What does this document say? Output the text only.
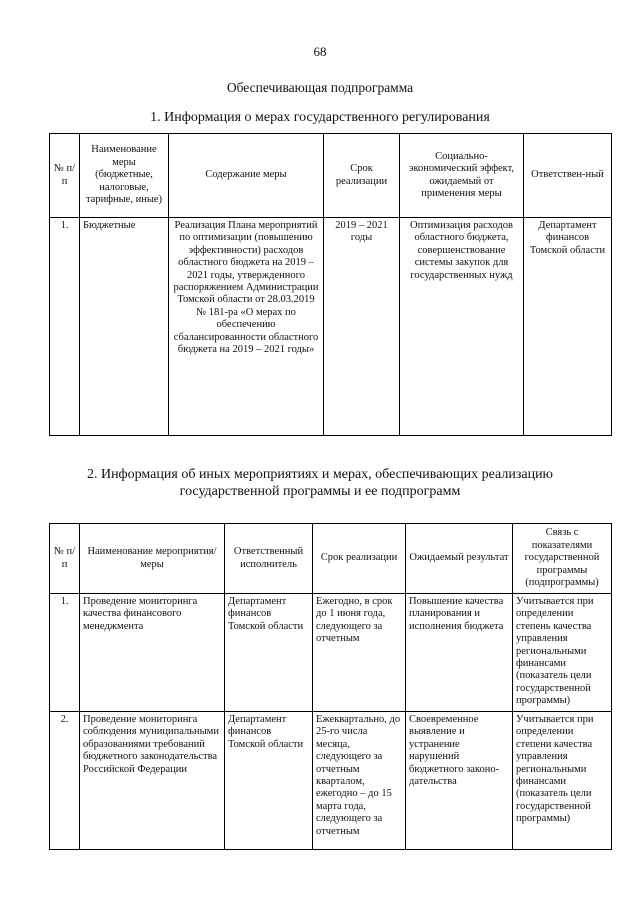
68
Обеспечивающая подпрограмма
1. Информация о мерах государственного регулирования
№ п/п	Наименование меры (бюджетные, налоговые, тарифные, иные)	Содержание меры	Срок реализации	Социально-экономический эффект, ожидаемый от применения меры	Ответствен-ный
1.	Бюджетные	Реализация Плана мероприятий по оптимизации (повышению эффективности) расходов областного бюджета на 2019 – 2021 годы, утвержденного распоряжением Администрации Томской области от 28.03.2019 № 181-ра «О мерах по обеспечению сбалансированности областного бюджета на 2019 – 2021 годы»	2019 – 2021 годы	Оптимизация расходов областного бюджета, совершенствование системы закупок для государственных нужд	Департамент финансов Томской области
2. Информация об иных мероприятиях и мерах, обеспечивающих реализацию государственной программы и ее подпрограмм
№ п/п	Наименование мероприятия/меры	Ответственный исполнитель	Срок реализации	Ожидаемый результат	Связь с показателями государственной программы (подпрограммы)
1.	Проведение мониторинга качества финансового менеджмента	Департамент финансов Томской области	Ежегодно, в срок до 1 июня года, следующего за отчетным	Повышение качества планирования и исполнения бюджета	Учитывается при определении степень качества управления региональными финансами (показатель цели государственной программы)
2.	Проведение мониторинга соблюдения муниципальными образованиями требований бюджетного законодательства Российской Федерации	Департамент финансов Томской области	Ежеквартально, до 25-го числа месяца, следующего за отчетным кварталом, ежегодно – до 15 марта года, следующего за отчетным	Своевременное выявление и устранение нарушений бюджетного законо-дательства	Учитывается при определении степени качества управления региональными финансами (показатель цели государственной программы)
